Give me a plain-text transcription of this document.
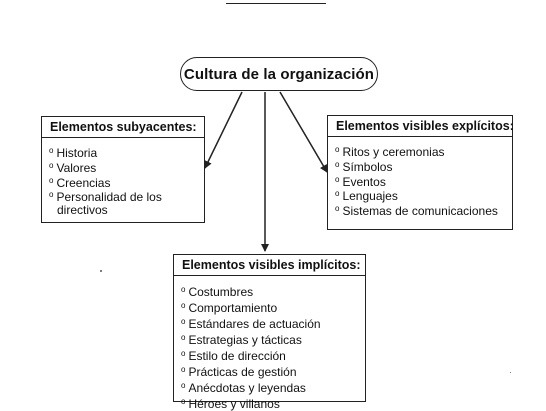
Cultura de la organización
Elementos subyacentes:
$^o$ Historia
$^o$ Valores
$^o$ Creencias
$^o$ Personalidad de los directivos
Elementos visibles explícitos:
$^o$ Ritos y ceremonias
$^o$ Símbolos
$^o$ Eventos
$^o$ Lenguajes
$^o$ Sistemas de comunicaciones
Elementos visibles implícitos:
$^o$ Costumbres
$^o$ Comportamiento
$^o$ Estándares de actuación
$^o$ Estrategias y tácticas
$^o$ Estilo de dirección
$^o$ Prácticas de gestión
$^o$ Anécdotas y leyendas
$^o$ Héroes y villanos
